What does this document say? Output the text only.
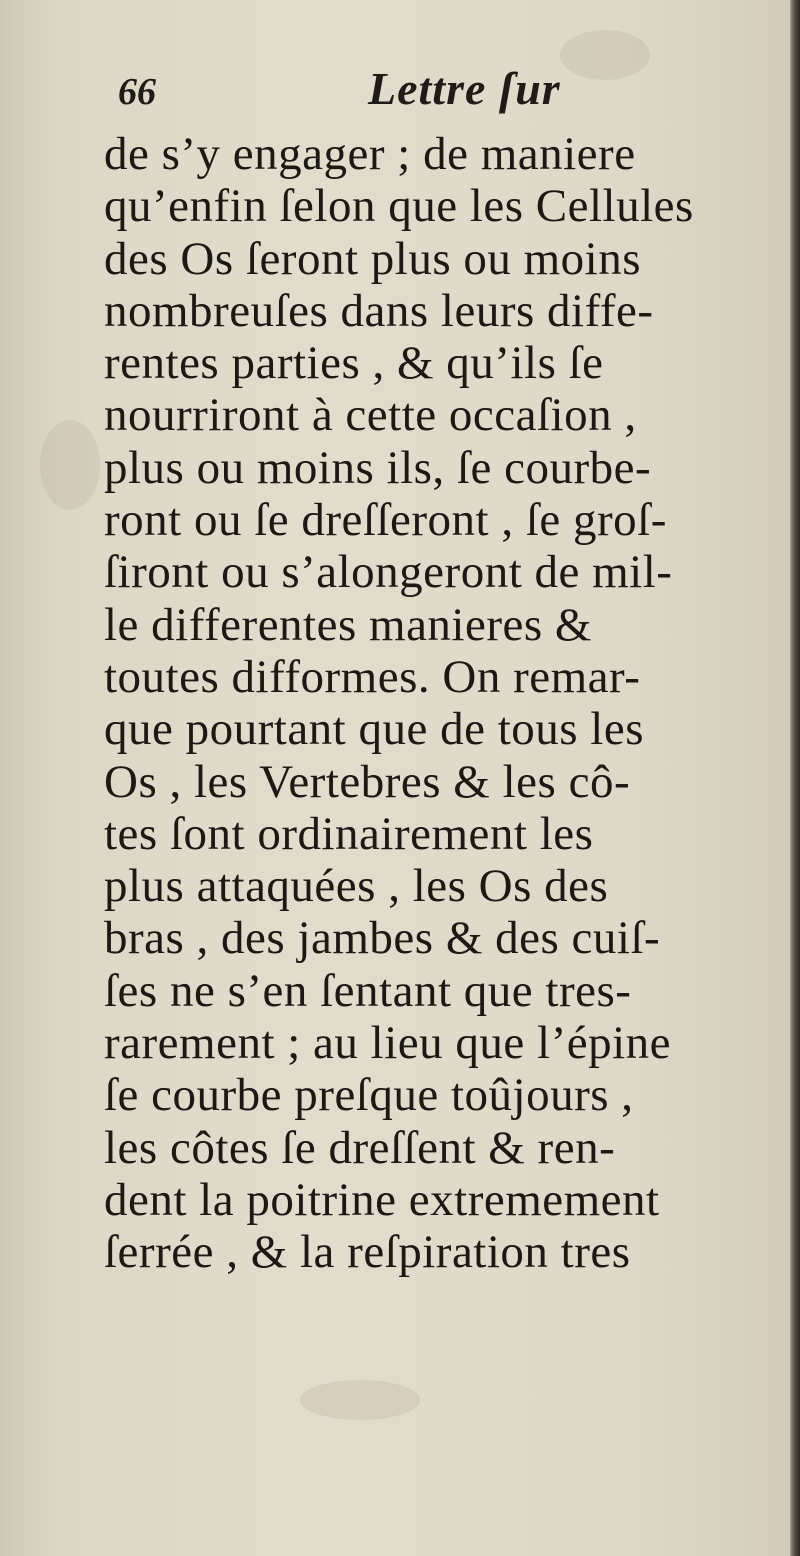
66	Lettre ſur
de s’y engager ; de maniere
qu’enfin ſelon que les Cellules
des Os ſeront plus ou moins
nombreuſes dans leurs diffe-
rentes parties , & qu’ils ſe
nourriront à cette occaſion ,
plus ou moins ils, ſe courbe-
ront ou ſe dreſſeront , ſe groſ-
ſiront ou s’alongeront de mil-
le differentes manieres &
toutes difformes. On remar-
que pourtant que de tous les
Os , les Vertebres & les cô-
tes ſont ordinairement les
plus attaquées , les Os des
bras , des jambes & des cuiſ-
ſes ne s’en ſentant que tres-
rarement ; au lieu que l’épine
ſe courbe preſque toûjours ,
les côtes ſe dreſſent & ren-
dent la poitrine extremement
ſerrée , & la reſpiration tres
